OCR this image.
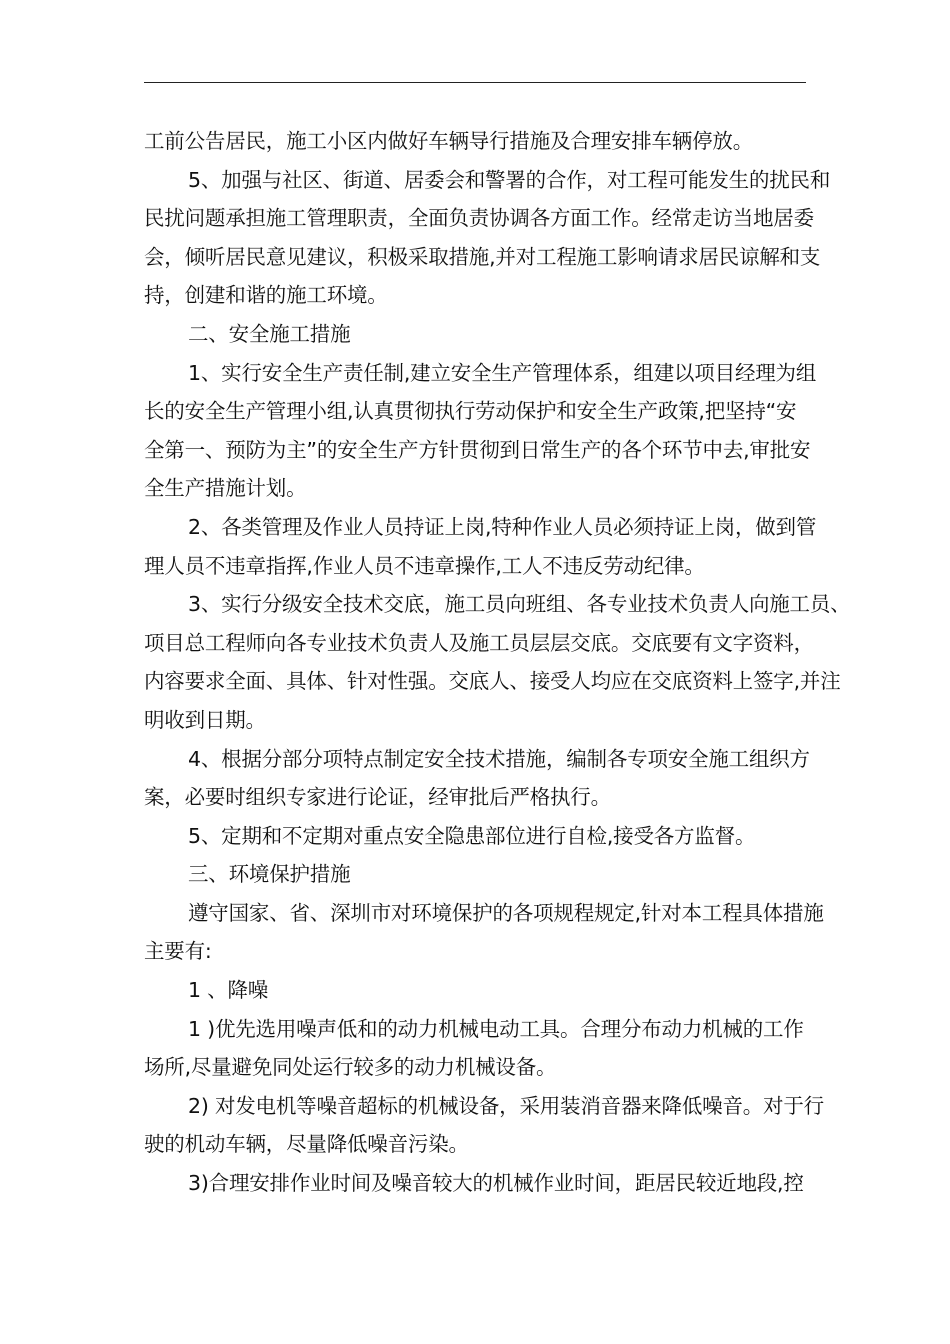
工前公告居民，施工小区内做好车辆导行措施及合理安排车辆停放。
5、加强与社区、街道、居委会和警署的合作，对工程可能发生的扰民和
民扰问题承担施工管理职责，全面负责协调各方面工作。经常走访当地居委
会，倾听居民意见建议，积极采取措施,并对工程施工影响请求居民谅解和支
持，创建和谐的施工环境。
二、安全施工措施
1、实行安全生产责任制,建立安全生产管理体系，组建以项目经理为组
长的安全生产管理小组,认真贯彻执行劳动保护和安全生产政策,把坚持“安
全第一、预防为主”的安全生产方针贯彻到日常生产的各个环节中去,审批安
全生产措施计划。
2、各类管理及作业人员持证上岗,特种作业人员必须持证上岗，做到管
理人员不违章指挥,作业人员不违章操作,工人不违反劳动纪律。
3、实行分级安全技术交底，施工员向班组、各专业技术负责人向施工员、
项目总工程师向各专业技术负责人及施工员层层交底。交底要有文字资料，
内容要求全面、具体、针对性强。交底人、接受人均应在交底资料上签字,并注
明收到日期。
4、根据分部分项特点制定安全技术措施，编制各专项安全施工组织方
案，必要时组织专家进行论证，经审批后严格执行。
5、定期和不定期对重点安全隐患部位进行自检,接受各方监督。
三、环境保护措施
遵守国家、省、深圳市对环境保护的各项规程规定,针对本工程具体措施
主要有:
1 、降噪
1 )优先选用噪声低和的动力机械电动工具。合理分布动力机械的工作
场所,尽量避免同处运行较多的动力机械设备。
2) 对发电机等噪音超标的机械设备，采用装消音器来降低噪音。对于行
驶的机动车辆，尽量降低噪音污染。
3)合理安排作业时间及噪音较大的机械作业时间，距居民较近地段,控
